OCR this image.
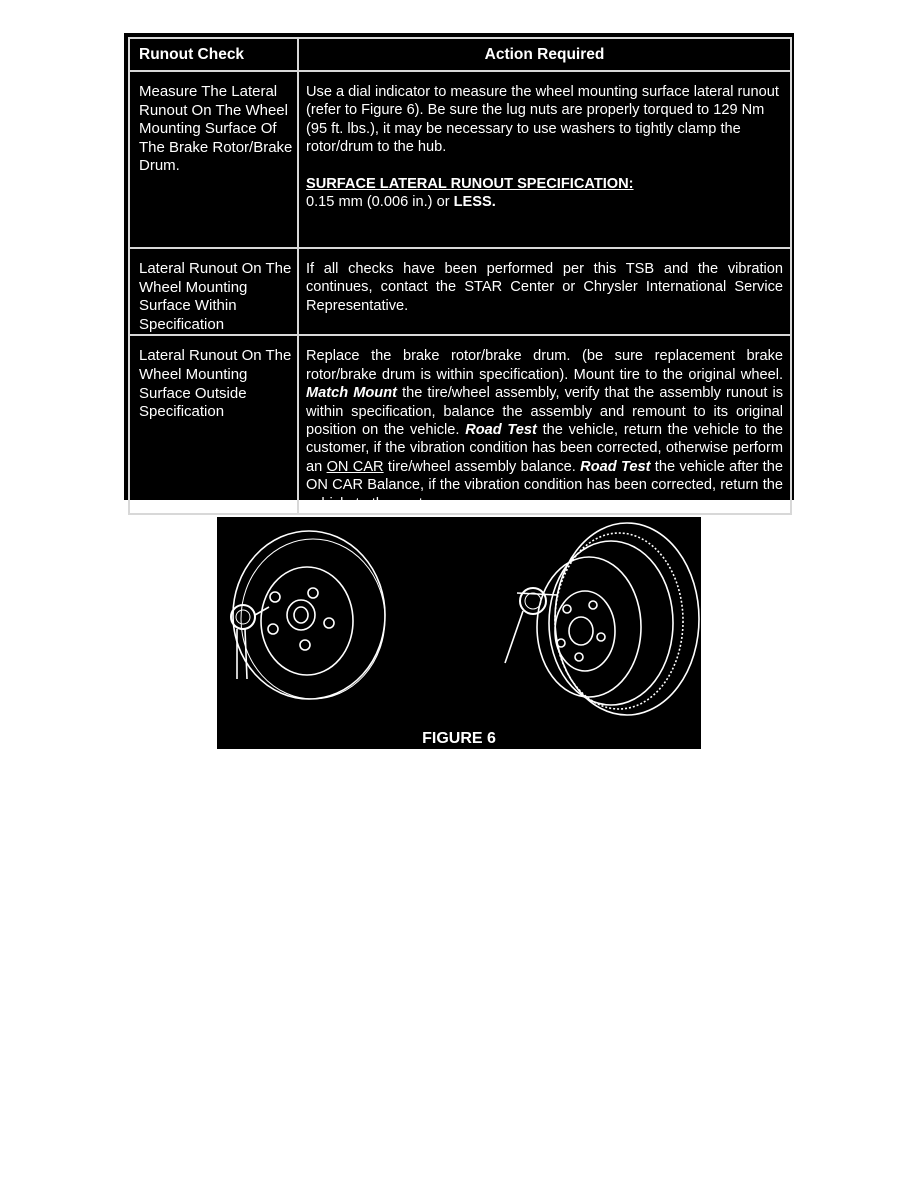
Runout Check	Action Required
Measure The Lateral Runout On The Wheel Mounting Surface Of The Brake Rotor/Brake Drum.	Use a dial indicator to measure the wheel mounting surface lateral runout (refer to Figure 6). Be sure the lug nuts are properly torqued to 129 Nm (95 ft. lbs.), it may be necessary to use washers to tightly clamp the rotor/drum to the hub.
SURFACE LATERAL RUNOUT SPECIFICATION:
0.15 mm (0.006 in.) or LESS.
Lateral Runout On The Wheel Mounting Surface Within Specification	If all checks have been performed per this TSB and the vibration continues, contact the STAR Center or Chrysler International Service Representative.
Lateral Runout On The Wheel Mounting Surface Outside Specification	Replace the brake rotor/brake drum. (be sure replacement brake rotor/brake drum is within specification). Mount tire to the original wheel. Match Mount the tire/wheel assembly, verify that the assembly runout is within specification, balance the assembly and remount to its original position on the vehicle. Road Test the vehicle, return the vehicle to the customer, if the vibration condition has been corrected, otherwise perform an ON CAR tire/wheel assembly balance. Road Test the vehicle after the ON CAR Balance, if the vibration condition has been corrected, return the vehicle to the customer.
FIGURE 6
